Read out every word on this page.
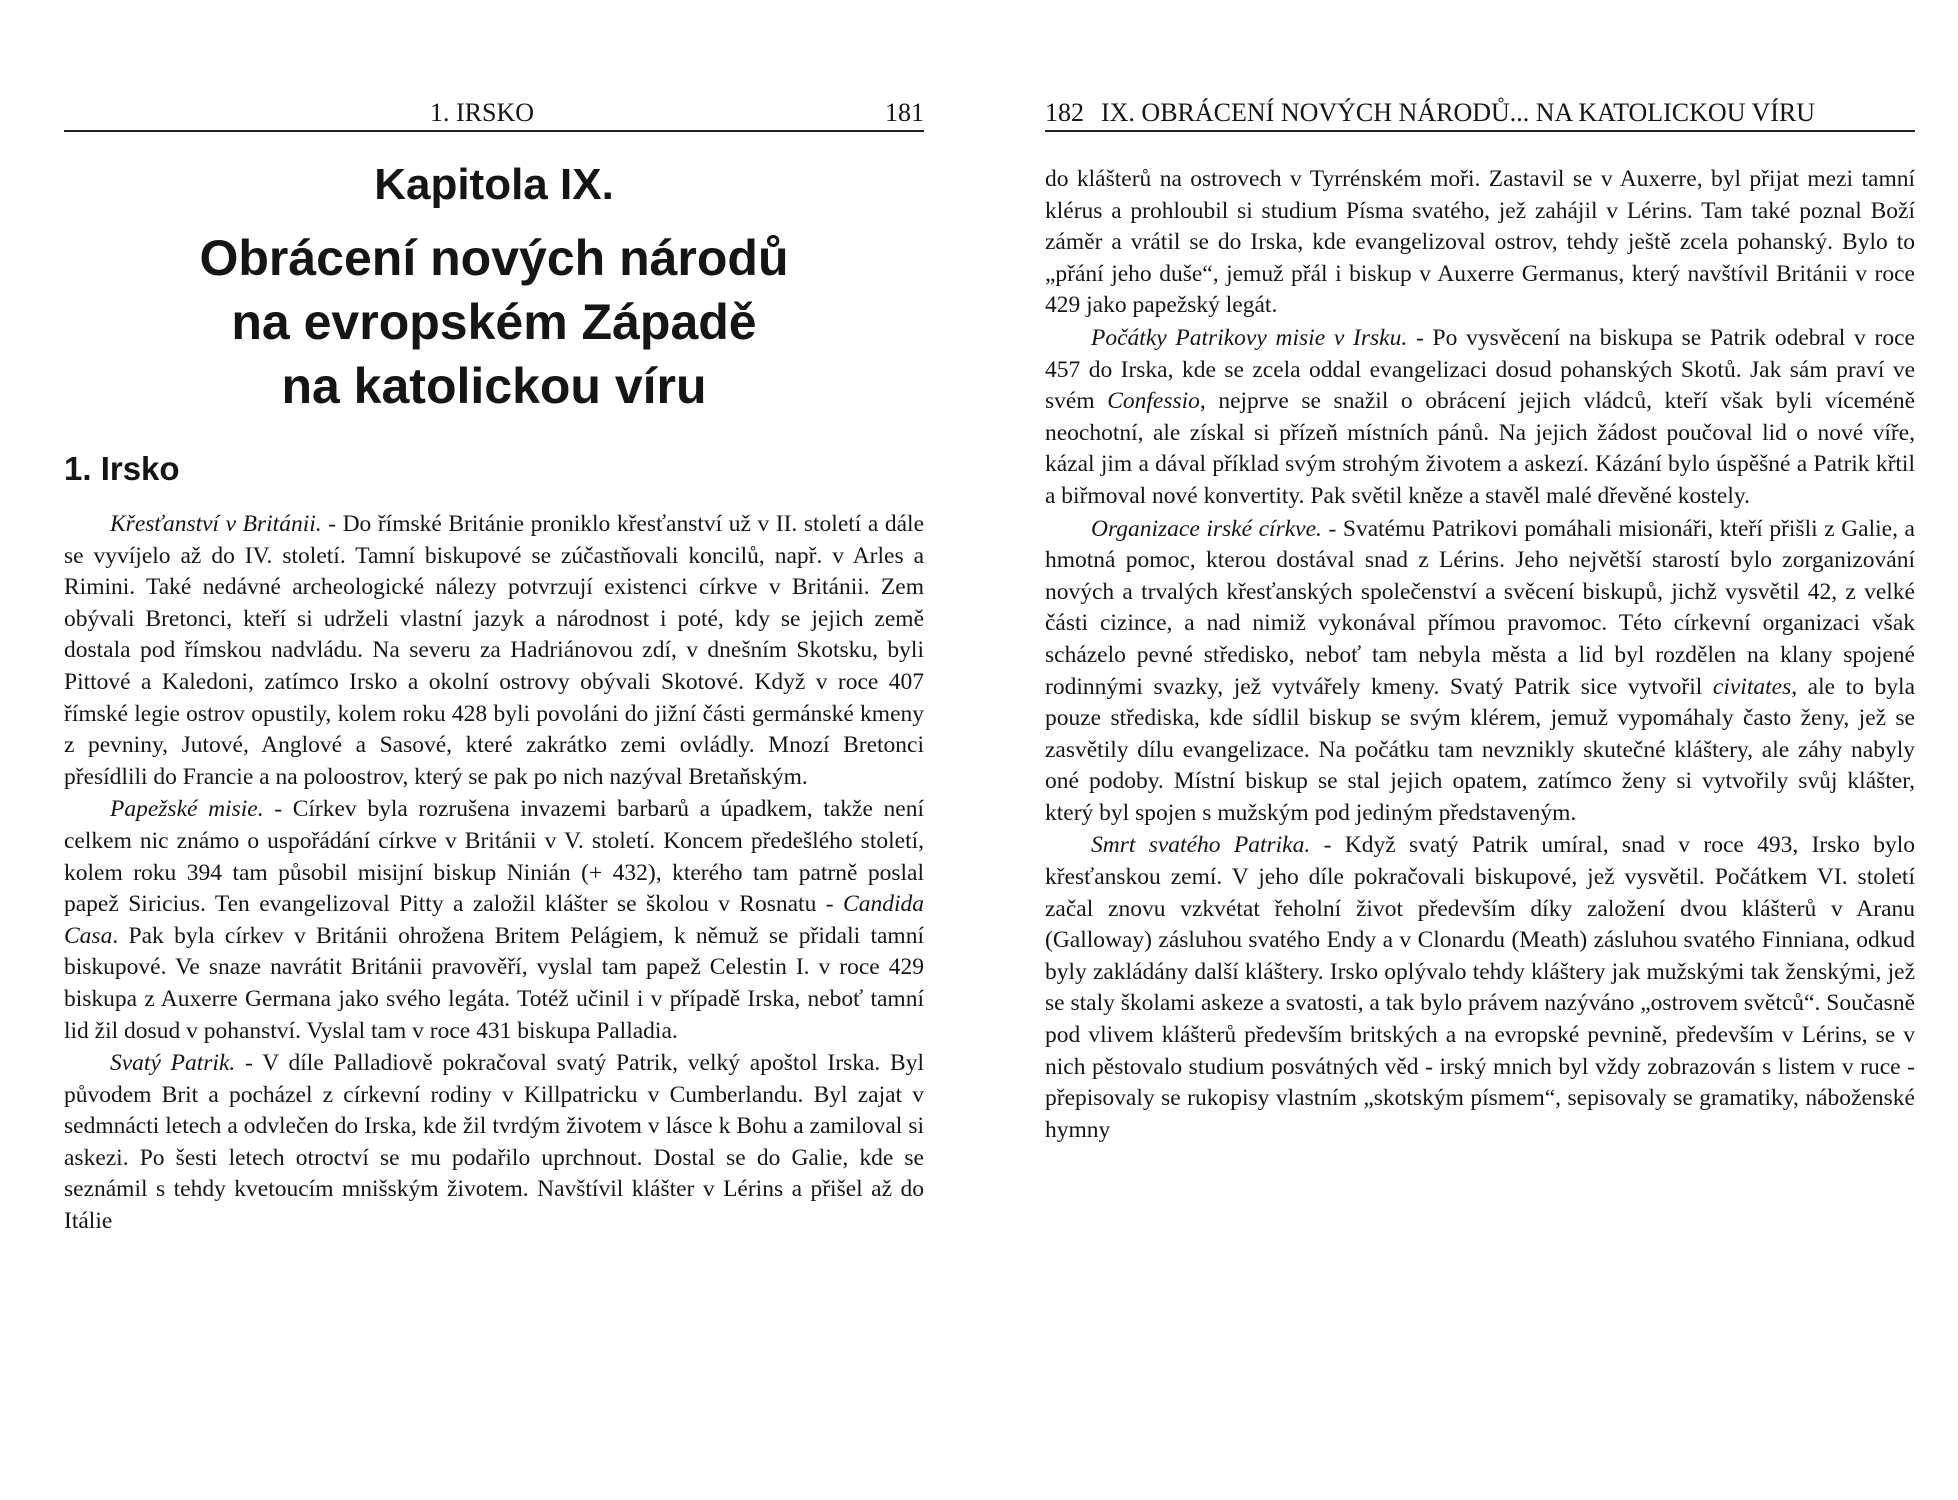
1. IRSKO	181
Kapitola IX.
Obrácení nových národů
na evropském Západě
na katolickou víru
1. Irsko

Křesťanství v Británii. - Do římské Británie proniklo křesťanství už v II. století a dále se vyvíjelo až do IV. století. Tamní biskupové se zúčastňovali koncilů, např. v Arles a Rimini. Také nedávné archeologické nálezy potvrzují existenci církve v Británii. Zem obývali Bretonci, kteří si udrželi vlastní jazyk a národnost i poté, kdy se jejich země dostala pod římskou nadvládu. Na severu za Hadriánovou zdí, v dnešním Skotsku, byli Pittové a Kaledoni, zatímco Irsko a okolní ostrovy obývali Skotové. Když v roce 407 římské legie ostrov opustily, kolem roku 428 byli povoláni do jižní části germánské kmeny z pevniny, Jutové, Anglové a Sasové, které zakrátko zemi ovládly. Mnozí Bretonci přesídlili do Francie a na poloostrov, který se pak po nich nazýval Bretaňským.

Papežské misie. - Církev byla rozrušena invazemi barbarů a úpadkem, takže není celkem nic známo o uspořádání církve v Británii v V. století. Koncem předešlého století, kolem roku 394 tam působil misijní biskup Ninián (+ 432), kterého tam patrně poslal papež Siricius. Ten evangelizoval Pitty a založil klášter se školou v Rosnatu - Candida Casa. Pak byla církev v Británii ohrožena Britem Pelágiem, k němuž se přidali tamní biskupové. Ve snaze navrátit Británii pravověří, vyslal tam papež Celestin I. v roce 429 biskupa z Auxerre Germana jako svého legáta. Totéž učinil i v případě Irska, neboť tamní lid žil dosud v pohanství. Vyslal tam v roce 431 biskupa Palladia.

Svatý Patrik. - V díle Palladiově pokračoval svatý Patrik, velký apoštol Irska. Byl původem Brit a pocházel z církevní rodiny v Killpatricku v Cumberlandu. Byl zajat v sedmnácti letech a odvlečen do Irska, kde žil tvrdým životem v lásce k Bohu a zamiloval si askezi. Po šesti letech otroctví se mu podařilo uprchnout. Dostal se do Galie, kde se seznámil s tehdy kvetoucím mnišským životem. Navštívil klášter v Lérins a přišel až do Itálie

182 IX. OBRÁCENÍ NOVÝCH NÁRODŮ... NA KATOLICKOU VÍRU

do klášterů na ostrovech v Tyrrénském moři. Zastavil se v Auxerre, byl přijat mezi tamní klérus a prohloubil si studium Písma svatého, jež zahájil v Lérins. Tam také poznal Boží záměr a vrátil se do Irska, kde evangelizoval ostrov, tehdy ještě zcela pohanský. Bylo to „přání jeho duše“, jemuž přál i biskup v Auxerre Germanus, který navštívil Británii v roce 429 jako papežský legát.

Počátky Patrikovy misie v Irsku. - Po vysvěcení na biskupa se Patrik odebral v roce 457 do Irska, kde se zcela oddal evangelizaci dosud pohanských Skotů. Jak sám praví ve svém Confessio, nejprve se snažil o obrácení jejich vládců, kteří však byli víceméně neochotní, ale získal si přízeň místních pánů. Na jejich žádost poučoval lid o nové víře, kázal jim a dával příklad svým strohým životem a askezí. Kázání bylo úspěšné a Patrik křtil a biřmoval nové konvertity. Pak světil kněze a stavěl malé dřevěné kostely.

Organizace irské církve. - Svatému Patrikovi pomáhali misionáři, kteří přišli z Galie, a hmotná pomoc, kterou dostával snad z Lérins. Jeho největší starostí bylo zorganizování nových a trvalých křesťanských společenství a svěcení biskupů, jichž vysvětil 42, z velké části cizince, a nad nimiž vykonával přímou pravomoc. Této církevní organizaci však scházelo pevné středisko, neboť tam nebyla města a lid byl rozdělen na klany spojené rodinnými svazky, jež vytvářely kmeny. Svatý Patrik sice vytvořil civitates, ale to byla pouze střediska, kde sídlil biskup se svým klérem, jemuž vypomáhaly často ženy, jež se zasvětily dílu evangelizace. Na počátku tam nevznikly skutečné kláštery, ale záhy nabyly oné podoby. Místní biskup se stal jejich opatem, zatímco ženy si vytvořily svůj klášter, který byl spojen s mužským pod jediným představeným.

Smrt svatého Patrika. - Když svatý Patrik umíral, snad v roce 493, Irsko bylo křesťanskou zemí. V jeho díle pokračovali biskupové, jež vysvětil. Počátkem VI. století začal znovu vzkvétat řeholní život především díky založení dvou klášterů v Aranu (Galloway) zásluhou svatého Endy a v Clonardu (Meath) zásluhou svatého Finniana, odkud byly zakládány další kláštery. Irsko oplývalo tehdy kláštery jak mužskými tak ženskými, jež se staly školami askeze a svatosti, a tak bylo právem nazýváno „ostrovem světců“. Současně pod vlivem klášterů především britských a na evropské pevnině, především v Lérins, se v nich pěstovalo studium posvátných věd - irský mnich byl vždy zobrazován s listem v ruce - přepisovaly se rukopisy vlastním „skotským písmem“, sepisovaly se gramatiky, náboženské hymny
